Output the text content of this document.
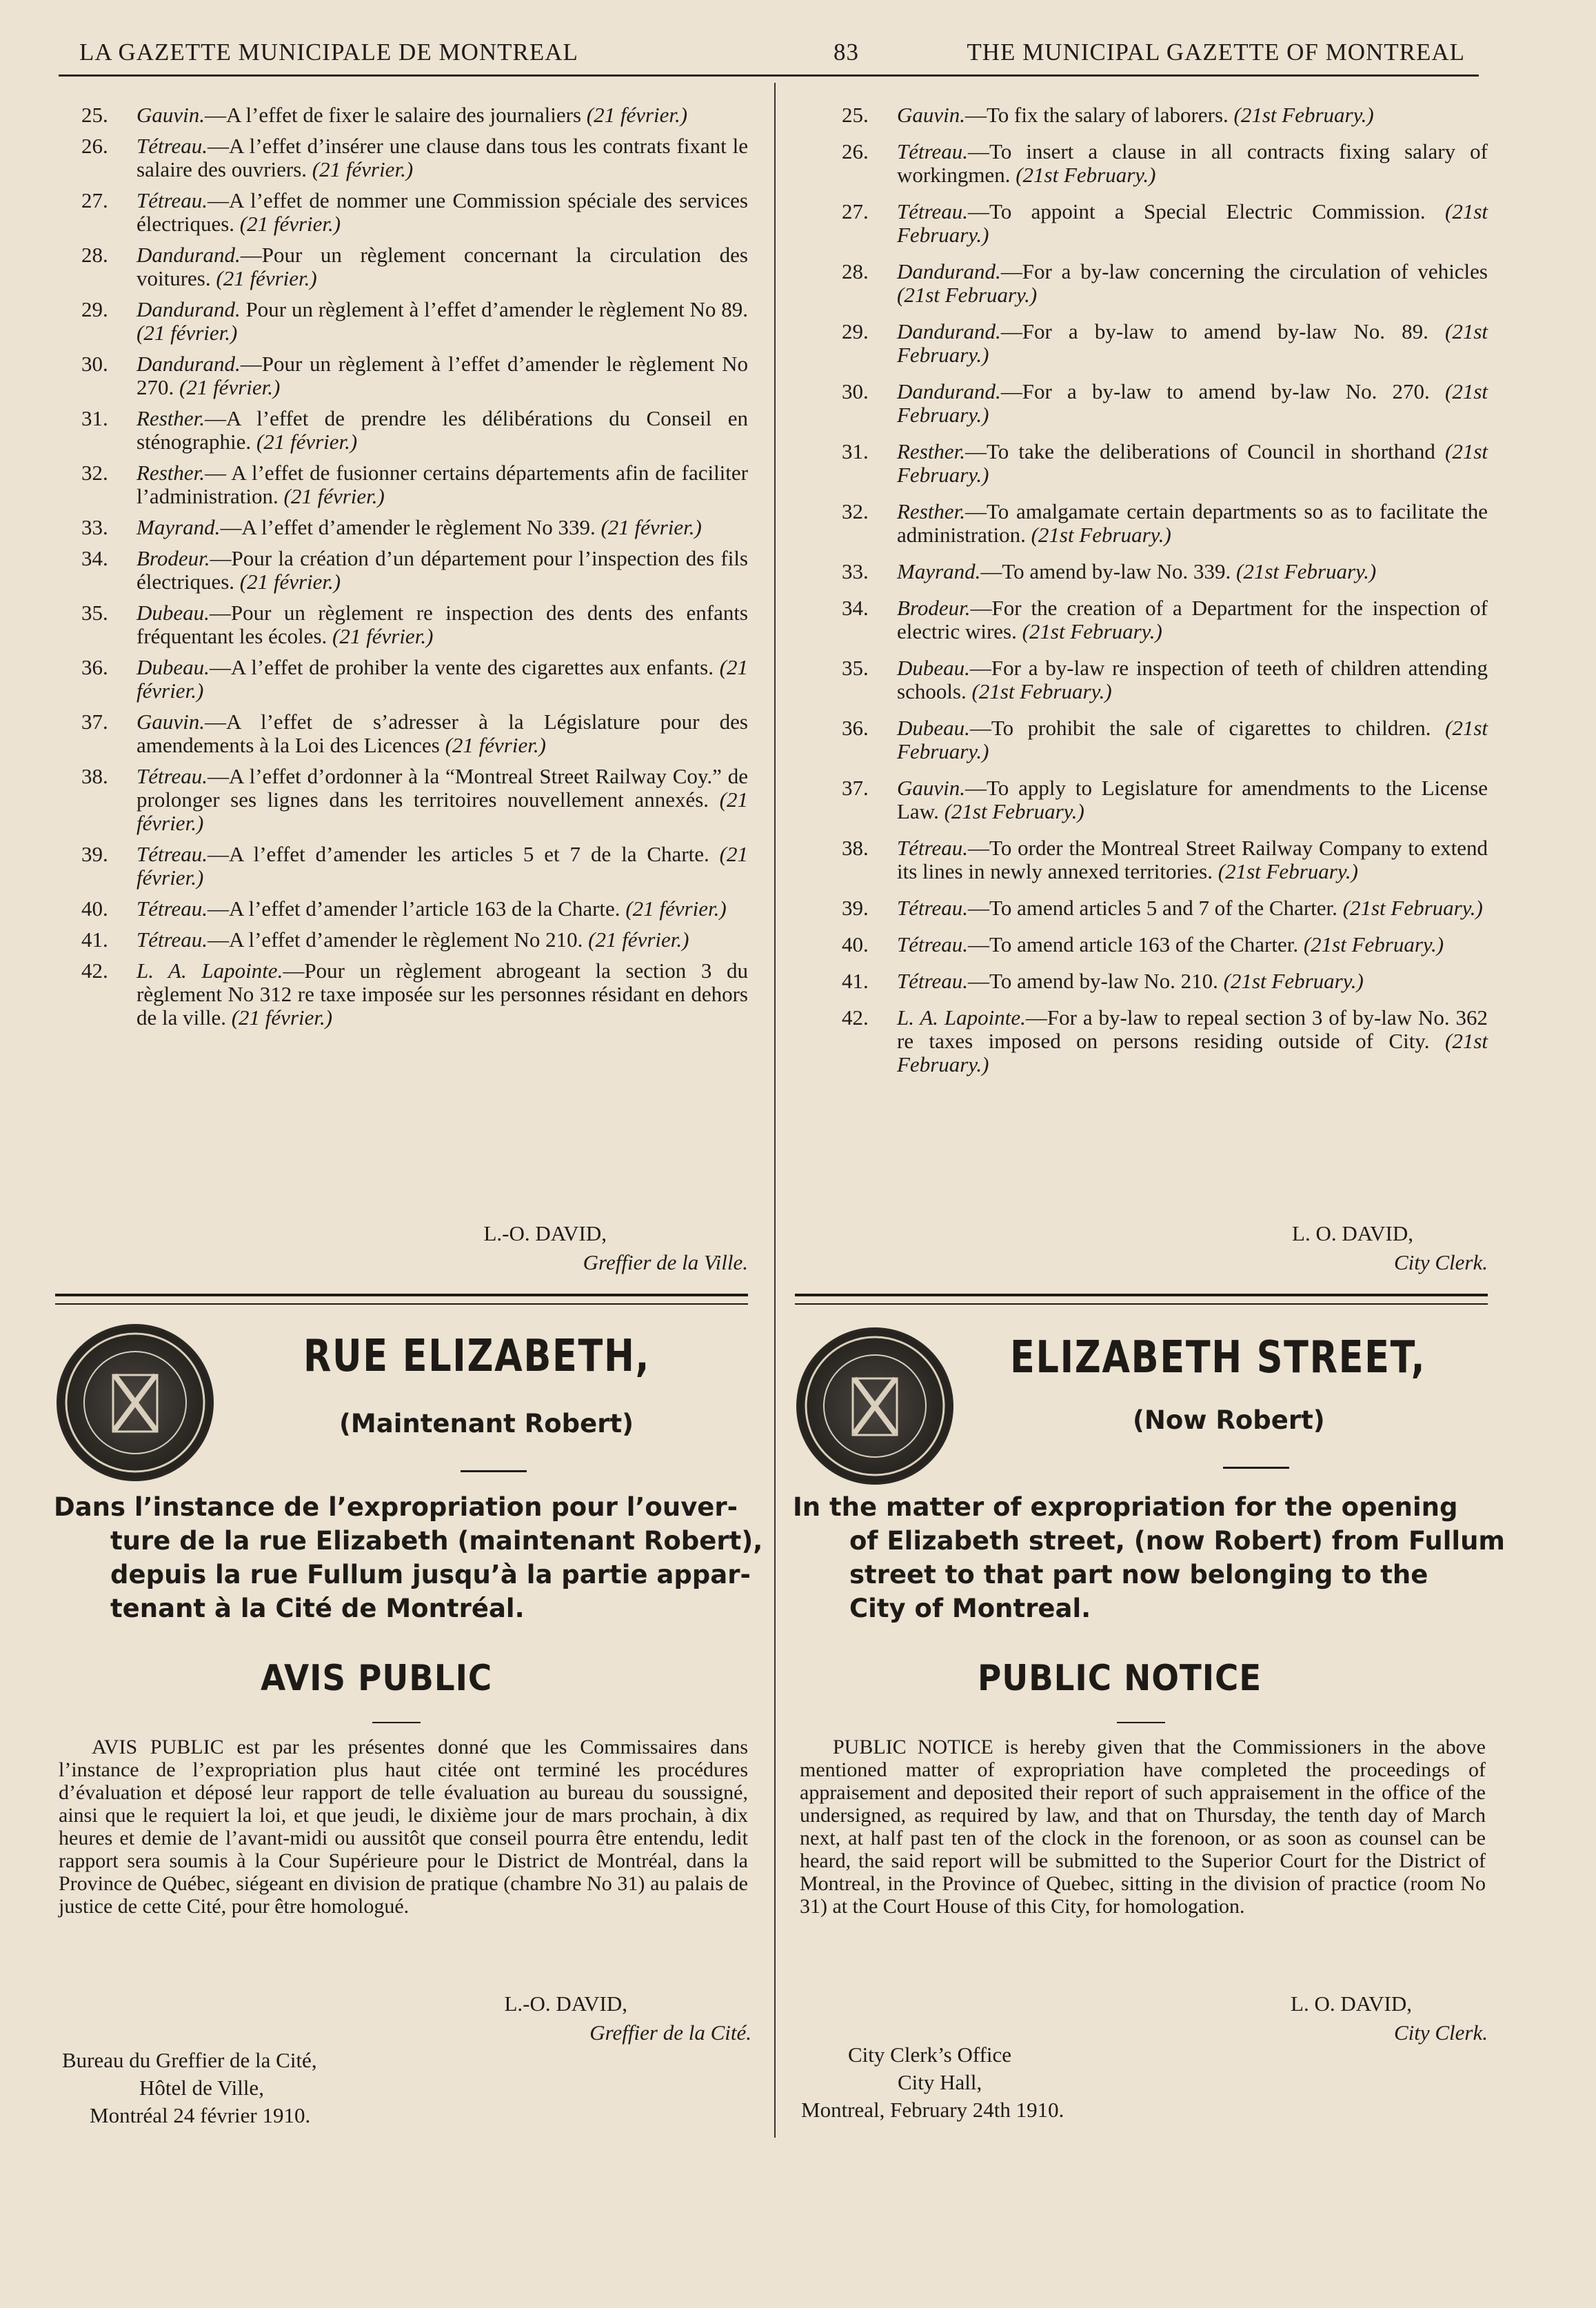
LA GAZETTE MUNICIPALE DE MONTREAL	83	THE MUNICIPAL GAZETTE OF MONTREAL
25.	Gauvin.—A l’effet de fixer le salaire des journaliers (21 février.)
26.	Tétreau.—A l’effet d’insérer une clause dans tous les contrats fixant le salaire des ouvriers. (21 février.)
27.	Tétreau.—A l’effet de nommer une Commission spéciale des services électriques. (21 février.)
28.	Dandurand.—Pour un règlement concernant la circulation des voitures. (21 février.)
29.	Dandurand. Pour un règlement à l’effet d’amender le règlement No 89. (21 février.)
30.	Dandurand.—Pour un règlement à l’effet d’amender le règlement No 270. (21 février.)
31.	Resther.—A l’effet de prendre les délibérations du Conseil en sténographie. (21 février.)
32.	Resther.— A l’effet de fusionner certains départements afin de faciliter l’administration. (21 février.)
33.	Mayrand.—A l’effet d’amender le règlement No 339. (21 février.)
34.	Brodeur.—Pour la création d’un département pour l’inspection des fils électriques. (21 février.)
35.	Dubeau.—Pour un règlement re inspection des dents des enfants fréquentant les écoles. (21 février.)
36.	Dubeau.—A l’effet de prohiber la vente des cigarettes aux enfants. (21 février.)
37.	Gauvin.—A l’effet de s’adresser à la Législature pour des amendements à la Loi des Licences (21 février.)
38.	Tétreau.—A l’effet d’ordonner à la “Montreal Street Railway Coy.” de prolonger ses lignes dans les territoires nouvellement annexés. (21 février.)
39.	Tétreau.—A l’effet d’amender les articles 5 et 7 de la Charte. (21 février.)
40.	Tétreau.—A l’effet d’amender l’article 163 de la Charte. (21 février.)
41.	Tétreau.—A l’effet d’amender le règlement No 210. (21 février.)
42.	L. A. Lapointe.—Pour un règlement abrogeant la section 3 du règlement No 312 re taxe imposée sur les personnes résidant en dehors de la ville. (21 février.)
25.	Gauvin.—To fix the salary of laborers. (21st February.)
26.	Tétreau.—To insert a clause in all contracts fixing salary of workingmen. (21st February.)
27.	Tétreau.—To appoint a Special Electric Commission. (21st February.)
28.	Dandurand.—For a by-law concerning the circulation of vehicles (21st February.)
29.	Dandurand.—For a by-law to amend by-law No. 89. (21st February.)
30.	Dandurand.—For a by-law to amend by-law No. 270. (21st February.)
31.	Resther.—To take the deliberations of Council in shorthand (21st February.)
32.	Resther.—To amalgamate certain departments so as to facilitate the administration. (21st February.)
33.	Mayrand.—To amend by-law No. 339. (21st February.)
34.	Brodeur.—For the creation of a Department for the inspection of electric wires. (21st February.)
35.	Dubeau.—For a by-law re inspection of teeth of children attending schools. (21st February.)
36.	Dubeau.—To prohibit the sale of cigarettes to children. (21st February.)
37.	Gauvin.—To apply to Legislature for amendments to the License Law. (21st February.)
38.	Tétreau.—To order the Montreal Street Railway Company to extend its lines in newly annexed territories. (21st February.)
39.	Tétreau.—To amend articles 5 and 7 of the Charter. (21st February.)
40.	Tétreau.—To amend article 163 of the Charter. (21st February.)
41.	Tétreau.—To amend by-law No. 210. (21st February.)
42.	L. A. Lapointe.—For a by-law to repeal section 3 of by-law No. 362 re taxes imposed on persons residing outside of City. (21st February.)
L.-O. DAVID,
Greffier de la Ville.
L. O. DAVID,
City Clerk.
RUE ELIZABETH,
(Maintenant Robert)
Dans l’instance de l’expropriation pour l’ouver-
ture de la rue Elizabeth (maintenant Robert),
depuis la rue Fullum jusqu’à la partie appar-
tenant à la Cité de Montréal.
AVIS PUBLIC

AVIS PUBLIC est par les présentes donné que les Commissaires dans l’instance de l’expropriation plus haut citée ont terminé les procédures d’évaluation et déposé leur rapport de telle évaluation au bureau du soussigné, ainsi que le requiert la loi, et que jeudi, le dixième jour de mars prochain, à dix heures et demie de l’avant-midi ou aussitôt que conseil pourra être entendu, ledit rapport sera soumis à la Cour Supérieure pour le District de Montréal, dans la Province de Québec, siégeant en division de pratique (chambre No 31) au palais de justice de cette Cité, pour être homologué.

L.-O. DAVID,
Greffier de la Cité.
Bureau du Greffier de la Cité,
Hôtel de Ville,
Montréal 24 février 1910.
ELIZABETH STREET,
(Now Robert)
In the matter of expropriation for the opening
of Elizabeth street, (now Robert) from Fullum
street to that part now belonging to the
City of Montreal.
PUBLIC NOTICE

PUBLIC NOTICE is hereby given that the Commissioners in the above mentioned matter of expropriation have completed the proceedings of appraisement and deposited their report of such appraisement in the office of the undersigned, as required by law, and that on Thursday, the tenth day of March next, at half past ten of the clock in the forenoon, or as soon as counsel can be heard, the said report will be submitted to the Superior Court for the District of Montreal, in the Province of Quebec, sitting in the division of practice (room No 31) at the Court House of this City, for homologation.

L. O. DAVID,
City Clerk.
City Clerk’s Office
City Hall,
Montreal, February 24th 1910.
